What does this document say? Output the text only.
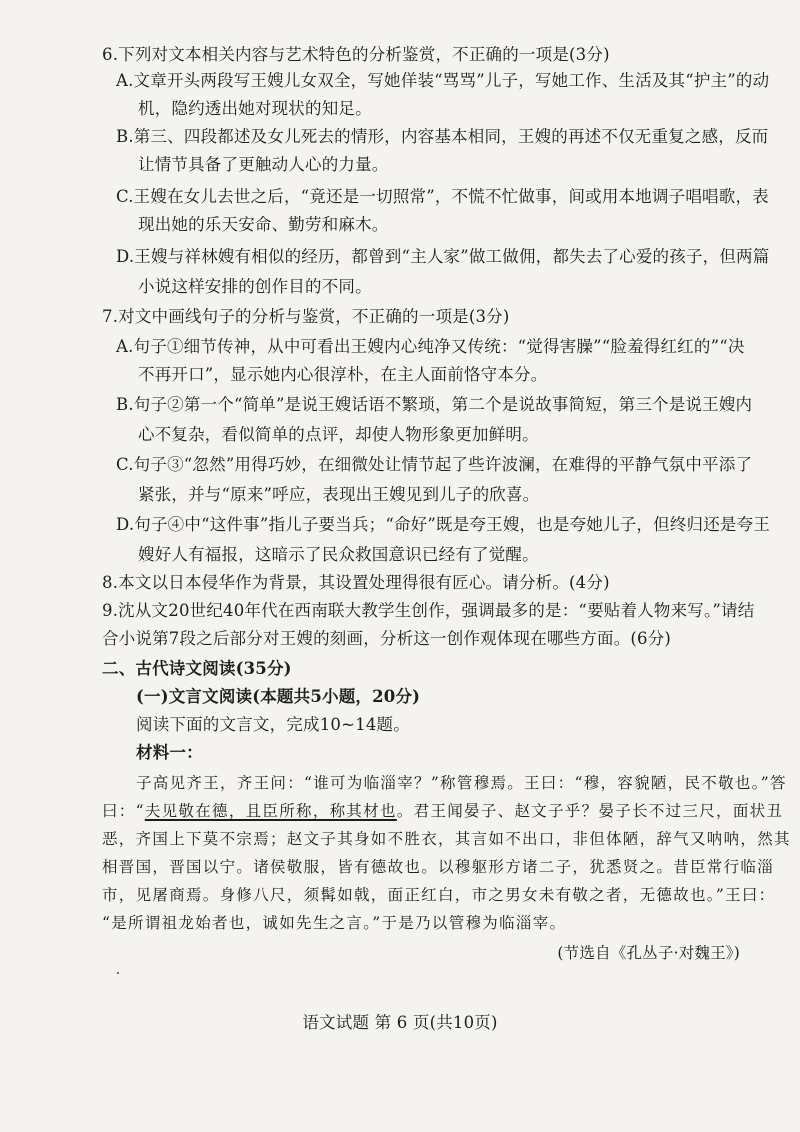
6.下列对文本相关内容与艺术特色的分析鉴赏，不正确的一项是(3分)
A.文章开头两段写王嫂儿女双全，写她佯装“骂骂”儿子，写她工作、生活及其“护主”的动
机，隐约透出她对现状的知足。
B.第三、四段都述及女儿死去的情形，内容基本相同，王嫂的再述不仅无重复之感，反而
让情节具备了更触动人心的力量。
C.王嫂在女儿去世之后，“竟还是一切照常”，不慌不忙做事，间或用本地调子唱唱歌，表
现出她的乐天安命、勤劳和麻木。
D.王嫂与祥林嫂有相似的经历，都曾到“主人家”做工做佣，都失去了心爱的孩子，但两篇
小说这样安排的创作目的不同。
7.对文中画线句子的分析与鉴赏，不正确的一项是(3分)
A.句子①细节传神，从中可看出王嫂内心纯净又传统：“觉得害臊”“脸羞得红红的”“决
不再开口”，显示她内心很淳朴，在主人面前恪守本分。
B.句子②第一个“简单”是说王嫂话语不繁琐，第二个是说故事简短，第三个是说王嫂内
心不复杂，看似简单的点评，却使人物形象更加鲜明。
C.句子③“忽然”用得巧妙，在细微处让情节起了些许波澜，在难得的平静气氛中平添了
紧张，并与“原来”呼应，表现出王嫂见到儿子的欣喜。
D.句子④中“这件事”指儿子要当兵；“命好”既是夸王嫂，也是夸她儿子，但终归还是夸王
嫂好人有福报，这暗示了民众救国意识已经有了觉醒。
8.本文以日本侵华作为背景，其设置处理得很有匠心。请分析。(4分)
9.沈从文20世纪40年代在西南联大教学生创作，强调最多的是：“要贴着人物来写。”请结
合小说第7段之后部分对王嫂的刻画，分析这一创作观体现在哪些方面。(6分)
二、古代诗文阅读(35分)
(一)文言文阅读(本题共5小题，20分)
阅读下面的文言文，完成10~14题。
材料一：
子高见齐王，齐王问：“谁可为临淄宰？”称管穆焉。王曰：“穆，容貌陋，民不敬也。”答
曰：“夫见敬在德，且臣所称，称其材也。君王闻晏子、赵文子乎？晏子长不过三尺，面状丑
恶，齐国上下莫不宗焉；赵文子其身如不胜衣，其言如不出口，非但体陋，辞气又呐呐，然其
相晋国，晋国以宁。诸侯敬服，皆有德故也。以穆躯形方诸二子，犹悉贤之。昔臣常行临淄
市，见屠商焉。身修八尺，须髯如戟，面正红白，市之男女未有敬之者，无德故也。”王曰：
“是所谓祖龙始者也，诚如先生之言。”于是乃以管穆为临淄宰。
(节选自《孔丛子·对魏王》)
语文试题 第 6 页(共10页)
